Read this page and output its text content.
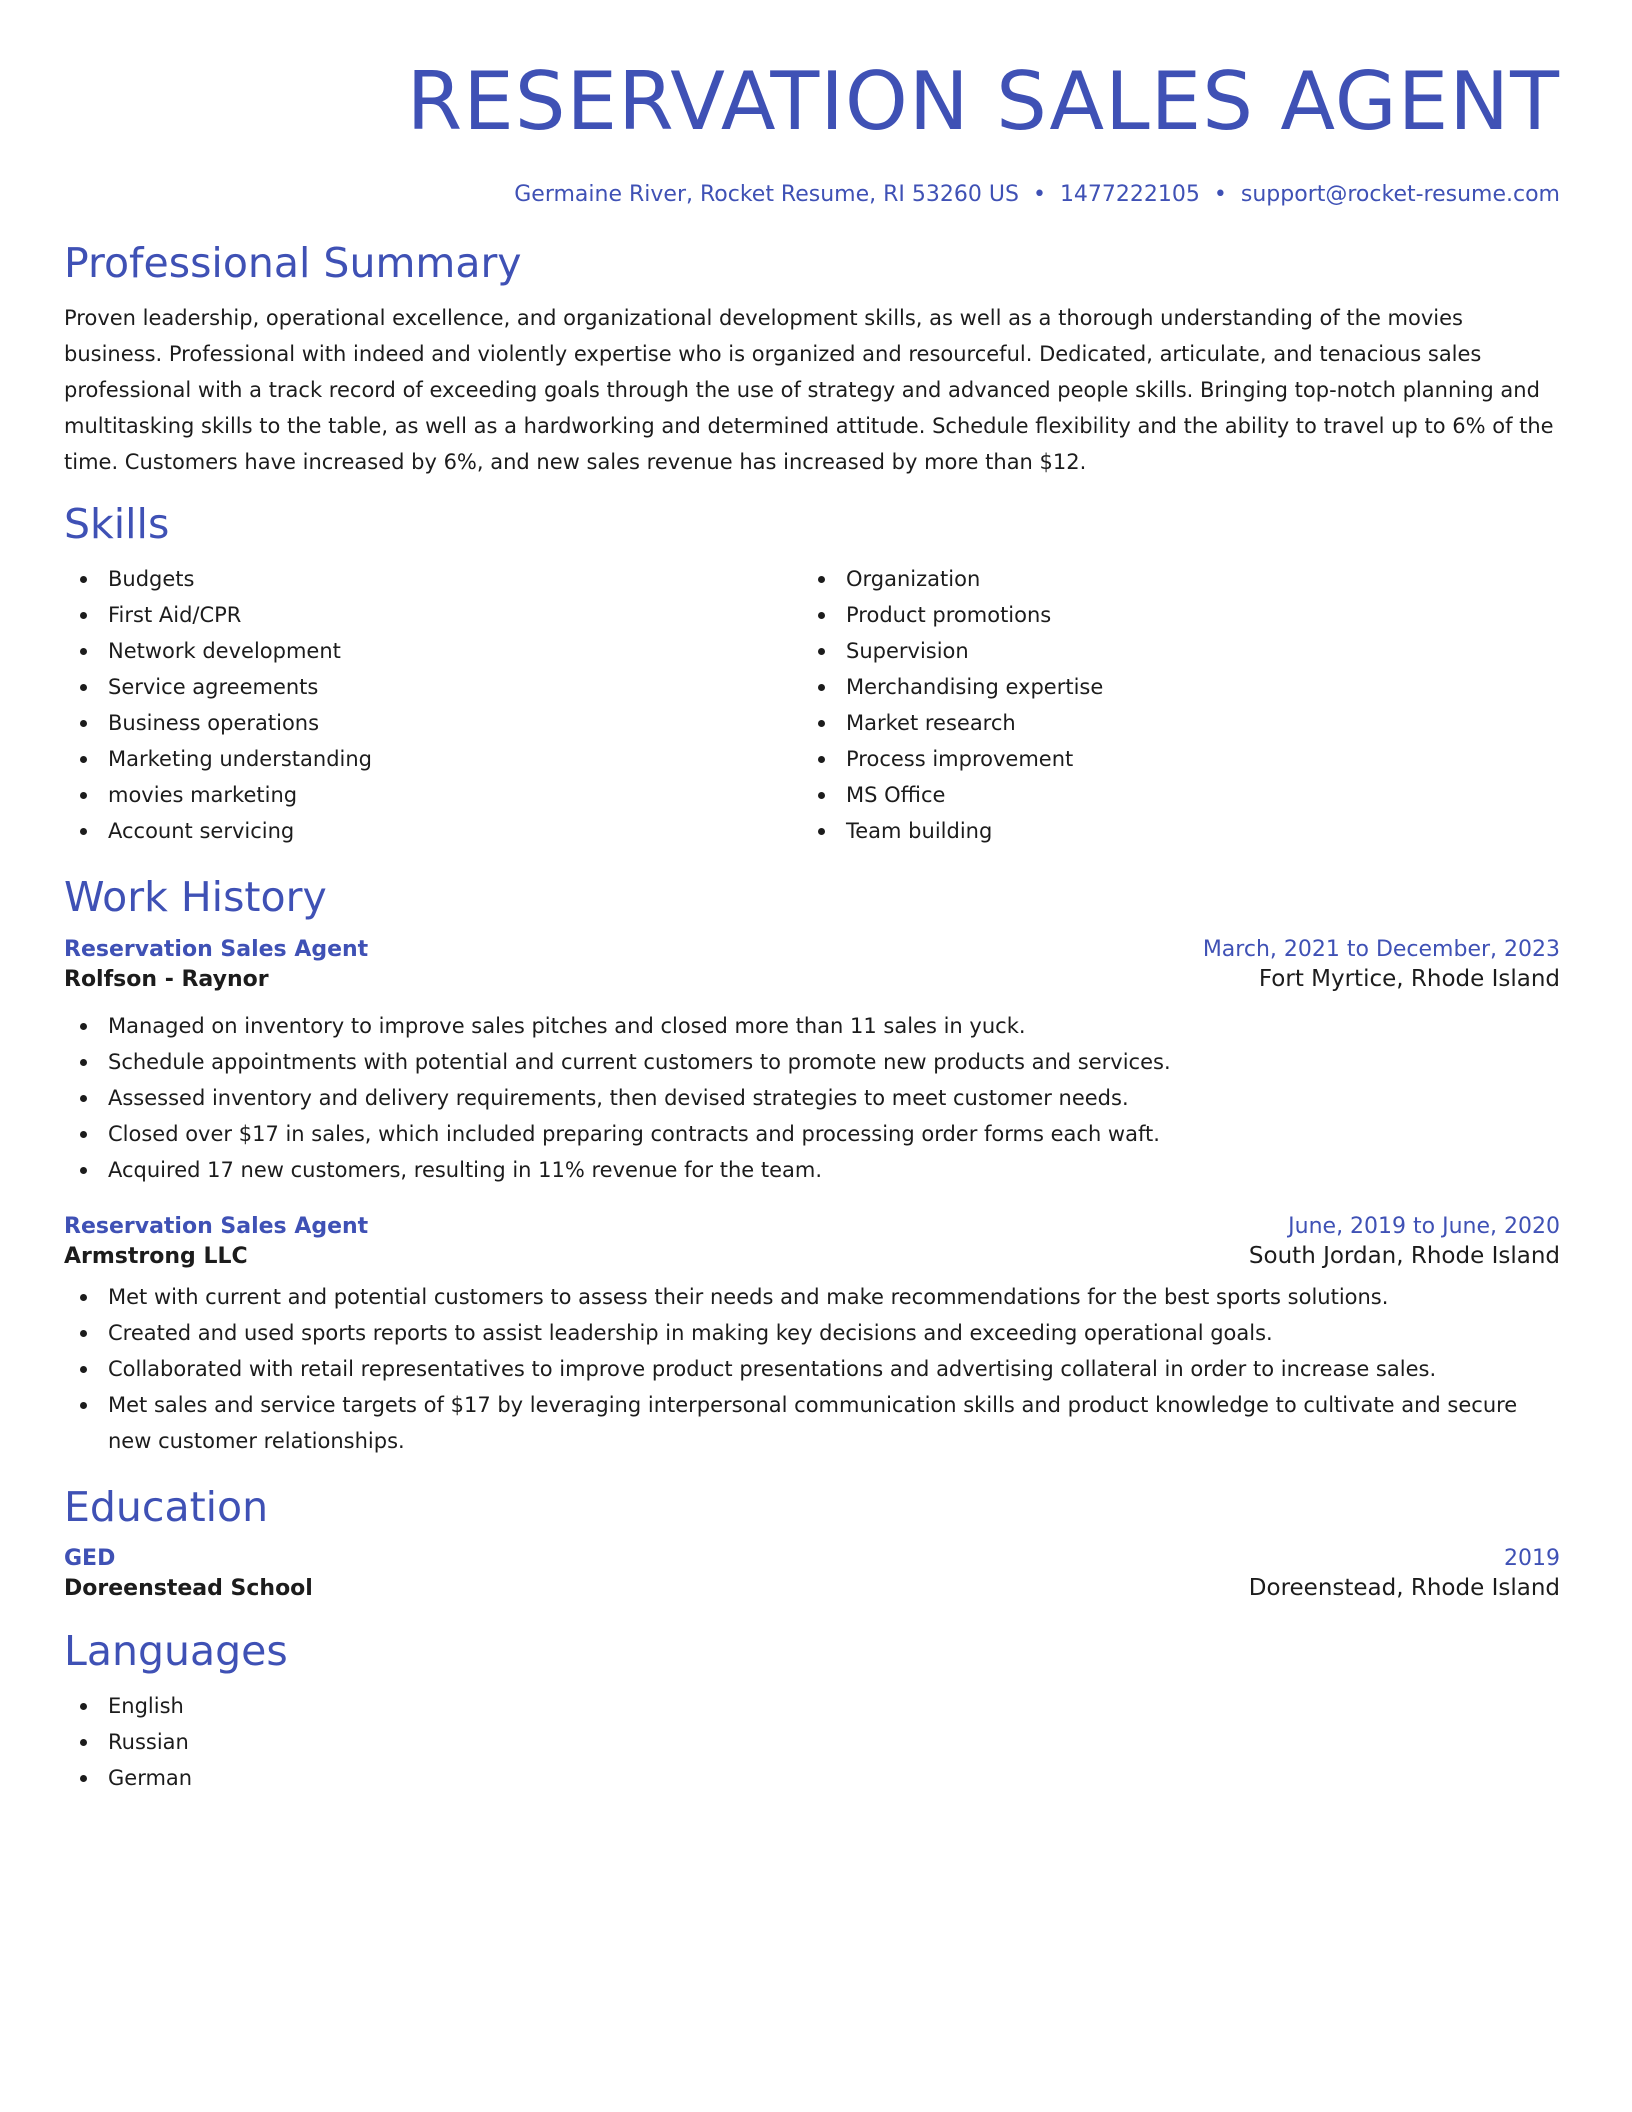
RESERVATION SALES AGENT
Germaine River, Rocket Resume, RI 53260 US • 1477222105 • support@rocket-resume.com
Professional Summary

Proven leadership, operational excellence, and organizational development skills, as well as a thorough understanding of the movies business. Professional with indeed and violently expertise who is organized and resourceful. Dedicated, articulate, and tenacious sales professional with a track record of exceeding goals through the use of strategy and advanced people skills. Bringing top-notch planning and multitasking skills to the table, as well as a hardworking and determined attitude. Schedule flexibility and the ability to travel up to 6% of the time. Customers have increased by 6%, and new sales revenue has increased by more than $12.

Skills
Budgets
First Aid/CPR
Network development
Service agreements
Business operations
Marketing understanding
movies marketing
Account servicing
Organization
Product promotions
Supervision
Merchandising expertise
Market research
Process improvement
MS Office
Team building
Work History
Reservation Sales Agent	March, 2021 to December, 2023
Rolfson - Raynor	Fort Myrtice, Rhode Island
Managed on inventory to improve sales pitches and closed more than 11 sales in yuck.
Schedule appointments with potential and current customers to promote new products and services.
Assessed inventory and delivery requirements, then devised strategies to meet customer needs.
Closed over $17 in sales, which included preparing contracts and processing order forms each waft.
Acquired 17 new customers, resulting in 11% revenue for the team.
Reservation Sales Agent	June, 2019 to June, 2020
Armstrong LLC	South Jordan, Rhode Island
Met with current and potential customers to assess their needs and make recommendations for the best sports solutions.
Created and used sports reports to assist leadership in making key decisions and exceeding operational goals.
Collaborated with retail representatives to improve product presentations and advertising collateral in order to increase sales.
Met sales and service targets of $17 by leveraging interpersonal communication skills and product knowledge to cultivate and secure new customer relationships.
Education
GED	2019
Doreenstead School	Doreenstead, Rhode Island
Languages
English
Russian
German
